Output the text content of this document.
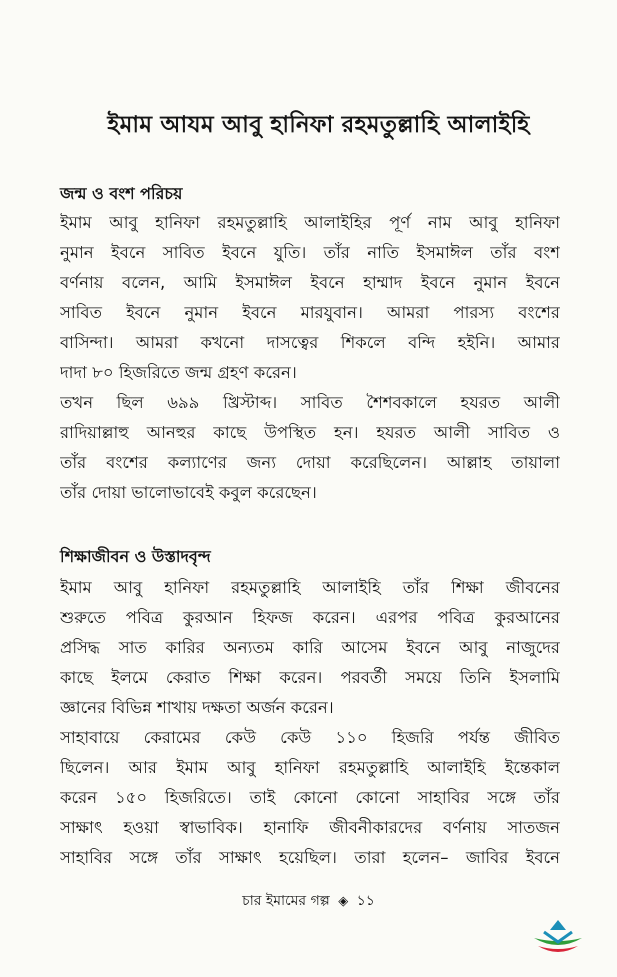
ইমাম আযম আবু হানিফা রহমতুল্লাহি আলাইহি
জন্ম ও বংশ পরিচয়
ইমাম আবু হানিফা রহমতুল্লাহি আলাইহির পূর্ণ নাম আবু হানিফা
নুমান ইবনে সাবিত ইবনে যুতি। তাঁর নাতি ইসমাঈল তাঁর বংশ
বর্ণনায় বলেন, আমি ইসমাঈল ইবনে হাম্মাদ ইবনে নুমান ইবনে
সাবিত ইবনে নুমান ইবনে মারযুবান। আমরা পারস্য বংশের
বাসিন্দা। আমরা কখনো দাসত্বের শিকলে বন্দি হইনি। আমার
দাদা ৮০ হিজরিতে জন্ম গ্রহণ করেন।
তখন ছিল ৬৯৯ খ্রিস্টাব্দ। সাবিত শৈশবকালে হযরত আলী
রাদিয়াল্লাহু আনহুর কাছে উপস্থিত হন। হযরত আলী সাবিত ও
তাঁর বংশের কল্যাণের জন্য দোয়া করেছিলেন। আল্লাহ তায়ালা
তাঁর দোয়া ভালোভাবেই কবুল করেছেন।
শিক্ষাজীবন ও উস্তাদবৃন্দ
ইমাম আবু হানিফা রহমতুল্লাহি আলাইহি তাঁর শিক্ষা জীবনের
শুরুতে পবিত্র কুরআন হিফজ করেন। এরপর পবিত্র কুরআনের
প্রসিদ্ধ সাত কারির অন্যতম কারি আসেম ইবনে আবু নাজুদের
কাছে ইলমে কেরাত শিক্ষা করেন। পরবর্তী সময়ে তিনি ইসলামি
জ্ঞানের বিভিন্ন শাখায় দক্ষতা অর্জন করেন।
সাহাবায়ে কেরামের কেউ কেউ ১১০ হিজরি পর্যন্ত জীবিত
ছিলেন। আর ইমাম আবু হানিফা রহমতুল্লাহি আলাইহি ইন্তেকাল
করেন ১৫০ হিজরিতে। তাই কোনো কোনো সাহাবির সঙ্গে তাঁর
সাক্ষাৎ হওয়া স্বাভাবিক। হানাফি জীবনীকারদের বর্ণনায় সাতজন
সাহাবির সঙ্গে তাঁর সাক্ষাৎ হয়েছিল। তারা হলেন– জাবির ইবনে
চার ইমামের গল্প ◈ ১১
